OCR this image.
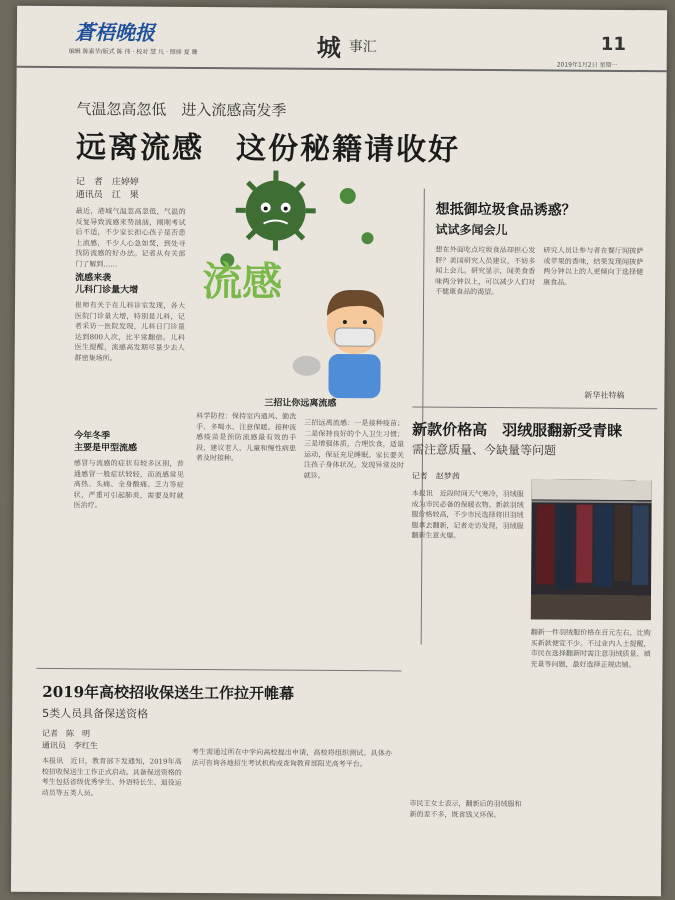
蒼梧晚报
编辑 陈素华/版式 陈 伟 · 校对 慧 凡 · 照排 夏 姗	城 事汇	11
2019年1月2日 星期一
气温忽高忽低　进入流感高发季
远离流感　这份秘籍请收好
记　者　庄婷婷
通讯员　江　果
流感
最近，港城气温忽高忽低，气温的反复导致流感来势汹汹，刚刚考试后不适，不少家长担心孩子是否患上流感，不少人心急如焚，到处寻找防流感的好办法。记者从有关部门了解到……
流感来袭
儿科门诊量大增
崔师有关于在儿科诊室发现，各大医院门诊量大增，特别是儿科，记者采访一医院发现，儿科日门诊量达到800人次，比平常翻倍。儿科医生提醒，流感高发期尽量少去人群密集场所。
今年冬季
主要是甲型流感
感冒与流感的症状有较多区别，普通感冒一般症状较轻，而流感常见高热、头痛、全身酸痛、乏力等症状，严重可引起肺炎，需要及时就医治疗。
科学防控：保持室内通风、勤洗手、多喝水、注意保暖。接种流感疫苗是预防流感最有效的手段，建议老人、儿童和慢性病患者及时接种。
三招让你远离流感
三招远离流感：一是接种疫苗；二是保持良好的个人卫生习惯；三是增强体质，合理饮食，适量运动，保证充足睡眠。家长要关注孩子身体状况，发现异常及时就诊。
想抵御垃圾食品诱惑？
试试多闻会儿
想在外面吃点垃圾食品却担心发胖？美国研究人员建议，不妨多闻上会儿。研究显示，闻美食香味两分钟以上，可以减少人们对不健康食品的渴望。
研究人员让参与者在餐厅闻披萨或苹果的香味，结果发现闻披萨两分钟以上的人更倾向于选择健康食品。
新华社特稿
新款价格高　羽绒服翻新受青睐
需注意质量、今缺量等问题
记者　赵梦茜
本报讯　近段时间天气寒冷，羽绒服成为市民必备的保暖衣物。新款羽绒服价格较高，不少市民选择将旧羽绒服拿去翻新，记者走访发现，羽绒服翻新生意火爆。
翻新一件羽绒服价格在百元左右，比购买新款便宜不少。不过业内人士提醒，市民在选择翻新时需注意羽绒质量、填充量等问题，最好选择正规店铺。
市民王女士表示，翻新后的羽绒服和新的差不多，既省钱又环保。
2019年高校招收保送生工作拉开帷幕
5类人员具备保送资格
记者　陈　明
通讯员　李红生
本报讯　近日，教育部下发通知，2019年高校招收保送生工作正式启动。具备保送资格的考生包括省级优秀学生、外语特长生、退役运动员等五类人员。
考生需通过所在中学向高校提出申请，高校将组织测试。具体办法可咨询各地招生考试机构或查询教育部阳光高考平台。
